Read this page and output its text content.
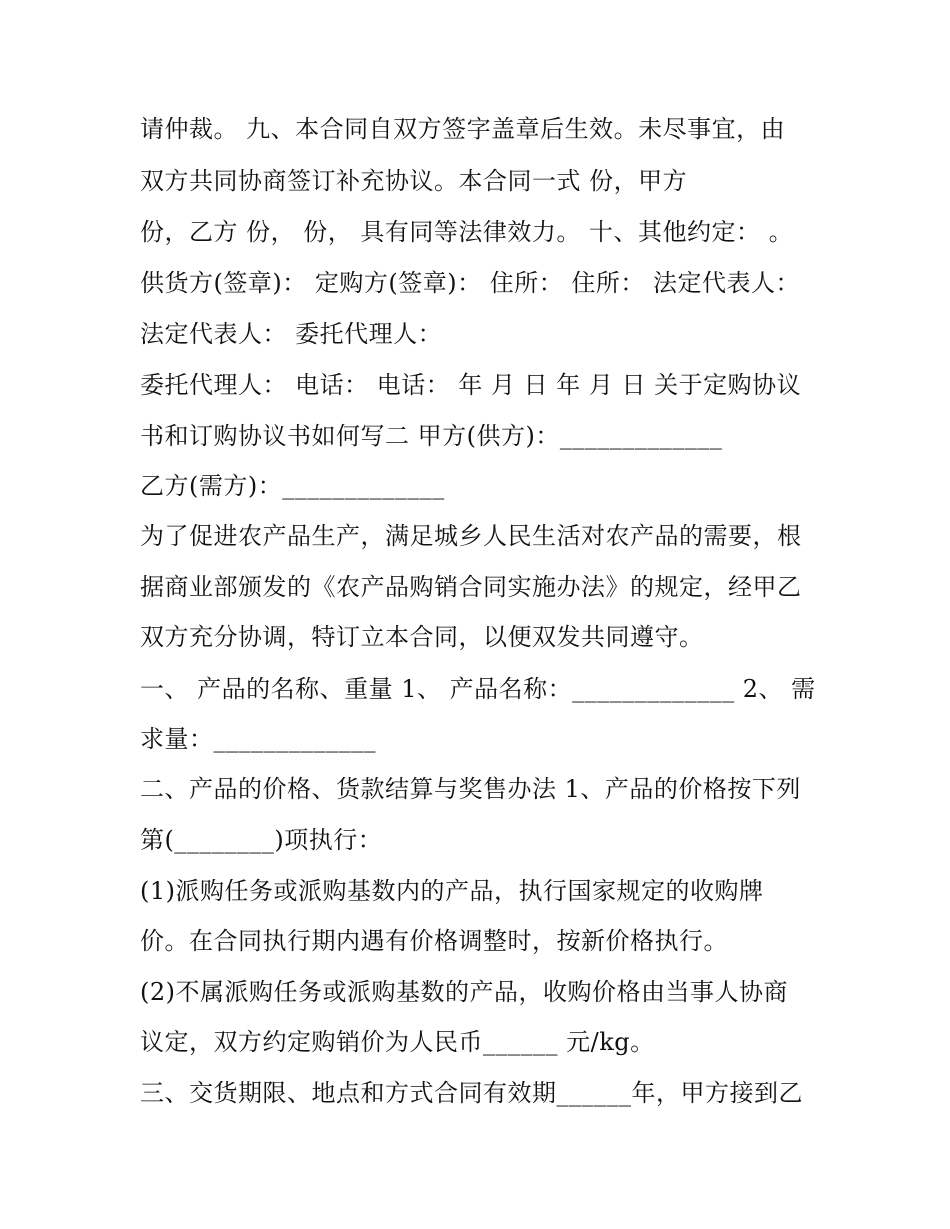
请仲裁。 九、本合同自双方签字盖章后生效。未尽事宜，由
双方共同协商签订补充协议。本合同一式 份，甲方
份，乙方 份， 份， 具有同等法律效力。 十、其他约定： 。
供货方(签章)： 定购方(签章)： 住所： 住所： 法定代表人：
法定代表人： 委托代理人：
委托代理人： 电话： 电话： 年 月 日 年 月 日 关于定购协议
书和订购协议书如何写二 甲方(供方)：_____________
乙方(需方)：_____________
为了促进农产品生产，满足城乡人民生活对农产品的需要，根
据商业部颁发的《农产品购销合同实施办法》的规定，经甲乙
双方充分协调，特订立本合同，以便双发共同遵守。
一、 产品的名称、重量 1、 产品名称：_____________ 2、 需
求量：_____________
二、产品的价格、货款结算与奖售办法 1、产品的价格按下列
第(________)项执行：
(1)派购任务或派购基数内的产品，执行国家规定的收购牌
价。在合同执行期内遇有价格调整时，按新价格执行。
(2)不属派购任务或派购基数的产品，收购价格由当事人协商
议定，双方约定购销价为人民币______ 元/kg。
三、交货期限、地点和方式合同有效期______年，甲方接到乙
